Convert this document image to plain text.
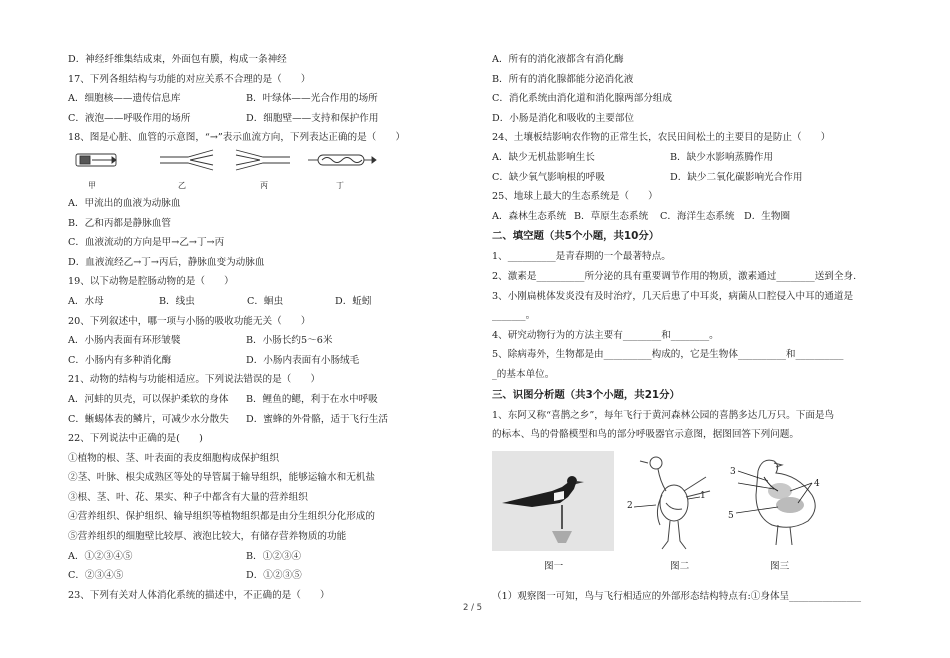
D．神经纤维集结成束，外面包有膜，构成一条神经
17、下列各组结构与功能的对应关系不合理的是（　　）
A．细胞核——遗传信息库	B．叶绿体——光合作用的场所
C．液泡——呼吸作用的场所	D．细胞壁——支持和保护作用
18、图是心脏、血管的示意图，“→”表示血流方向，下列表达正确的是（　　）
甲	乙	丙	丁
A．甲流出的血液为动脉血
B．乙和丙都是静脉血管
C．血液流动的方向是甲→乙→丁→丙
D．血液流经乙→丁→丙后，静脉血变为动脉血
19、以下动物是腔肠动物的是（　　）
A．水母	B．线虫	C．蛔虫	D．蚯蚓
20、下列叙述中，哪一项与小肠的吸收功能无关（　　）
A．小肠内表面有环形皱襞	B．小肠长约5～6米
C．小肠内有多种消化酶	D．小肠内表面有小肠绒毛
21、动物的结构与功能相适应。下列说法错误的是（　　）
A．河蚌的贝壳，可以保护柔软的身体	B．鲤鱼的鳃，利于在水中呼吸
C．蜥蜴体表的鳞片，可减少水分散失	D．蜜蜂的外骨骼，适于飞行生活
22、下列说法中正确的是(　　)
①植物的根、茎、叶表面的表皮细胞构成保护组织
②茎、叶脉、根尖成熟区等处的导管属于输导组织，能够运输水和无机盐
③根、茎、叶、花、果实、种子中都含有大量的营养组织
④营养组织、保护组织、输导组织等植物组织都是由分生组织分化形成的
⑤营养组织的细胞壁比较厚、液泡比较大，有储存营养物质的功能
A．①②③④⑤	B．①②③④
C．②③④⑤	D．①②③⑤
23、下列有关对人体消化系统的描述中，不正确的是（　　）
A．所有的消化液都含有消化酶
B．所有的消化腺都能分泌消化液
C．消化系统由消化道和消化腺两部分组成
D．小肠是消化和吸收的主要部位
24、土壤板结影响农作物的正常生长，农民田间松土的主要目的是防止（　　）
A．缺少无机盐影响生长	B．缺少水影响蒸腾作用
C．缺少氧气影响根的呼吸	D．缺少二氧化碳影响光合作用
25、地球上最大的生态系统是（　　）
A．森林生态系统 B．草原生态系统	C．海洋生态系统 D．生物圈
二、填空题（共5个小题，共10分）
1、__________是青春期的一个最著特点。
2、激素是__________所分泌的具有重要调节作用的物质，激素通过________送到全身.
3、小刚扁桃体发炎没有及时治疗，几天后患了中耳炎，病菌从口腔侵入中耳的通道是
_______。
4、研究动物行为的方法主要有________和________。
5、除病毒外，生物都是由__________构成的，它是生物体__________和__________
_的基本单位。
三、识图分析题（共3个小题，共21分）
1、东阿又称“喜鹊之乡”，每年飞行于黄河森林公园的喜鹊多达几万只。下面是鸟
的标本、鸟的骨骼模型和鸟的部分呼吸器官示意图，据图回答下列问题。
1
2
3
4
5
图一	图二	图三
（1）观察图一可知，鸟与飞行相适应的外部形态结构特点有:①身体呈_______________
2 / 5
